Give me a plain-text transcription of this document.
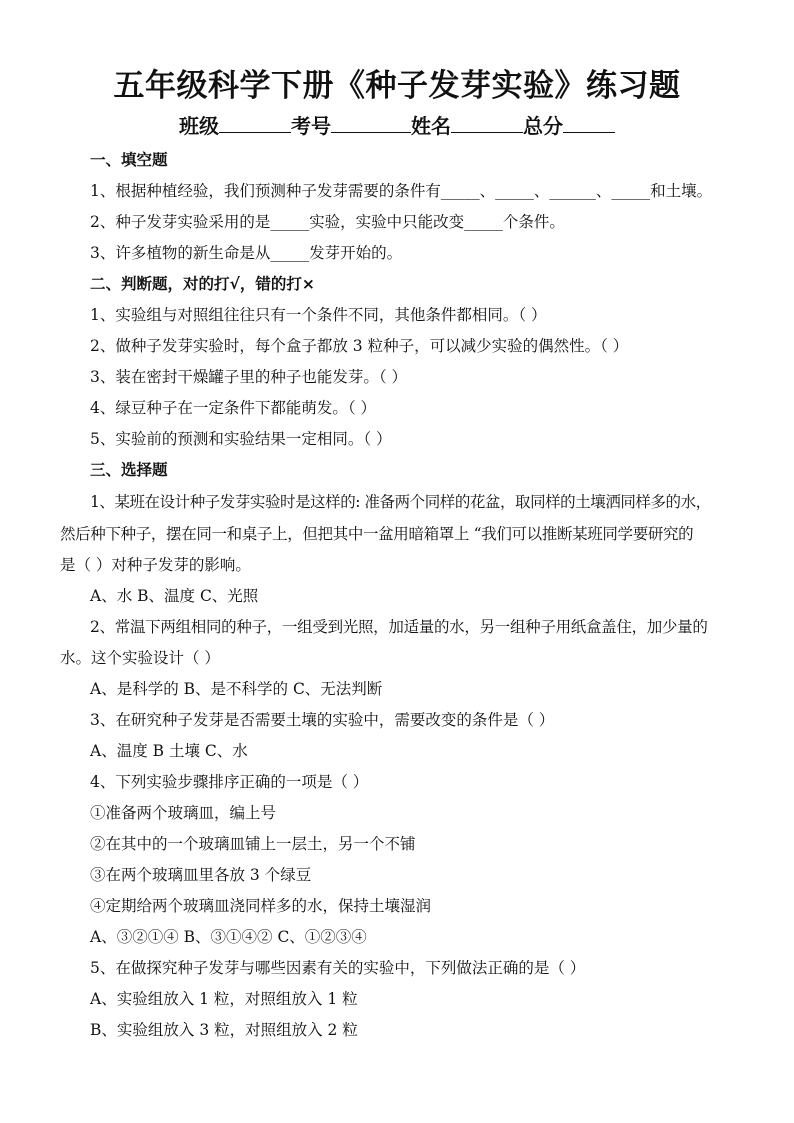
五年级科学下册《种子发芽实验》练习题
班级	考号	姓名	总分
一、填空题
1、根据种植经验，我们预测种子发芽需要的条件有_____、_____、______、_____和土壤。
2、种子发芽实验采用的是_____实验，实验中只能改变_____个条件。
3、许多植物的新生命是从_____发芽开始的。
二、判断题，对的打√，错的打×
1、实验组与对照组往往只有一个条件不同，其他条件都相同。（ ）
2、做种子发芽实验时，每个盒子都放 3 粒种子，可以减少实验的偶然性。（ ）
3、装在密封干燥罐子里的种子也能发芽。（ ）
4、绿豆种子在一定条件下都能萌发。（ ）
5、实验前的预测和实验结果一定相同。（ ）
三、选择题
1、某班在设计种子发芽实验时是这样的: 准备两个同样的花盆，取同样的土壤洒同样多的水，
然后种下种子，摆在同一和桌子上，但把其中一盆用暗箱罩上 “我们可以推断某班同学要研究的
是（ ）对种子发芽的影响。
A、水 B、温度 C、光照
2、常温下两组相同的种子，一组受到光照，加适量的水，另一组种子用纸盒盖住，加少量的
水。这个实验设计（ ）
A、是科学的 B、是不科学的 C、无法判断
3、在研究种子发芽是否需要土壤的实验中，需要改变的条件是（ ）
A、温度 B 土壤 C、水
4、下列实验步骤排序正确的一项是（ ）
①准备两个玻璃皿，编上号
②在其中的一个玻璃皿铺上一层土，另一个不铺
③在两个玻璃皿里各放 3 个绿豆
④定期给两个玻璃皿浇同样多的水，保持土壤湿润
A、③②①④ B、③①④② C、①②③④
5、在做探究种子发芽与哪些因素有关的实验中，下列做法正确的是（ ）
A、实验组放入 1 粒，对照组放入 1 粒
B、实验组放入 3 粒，对照组放入 2 粒
